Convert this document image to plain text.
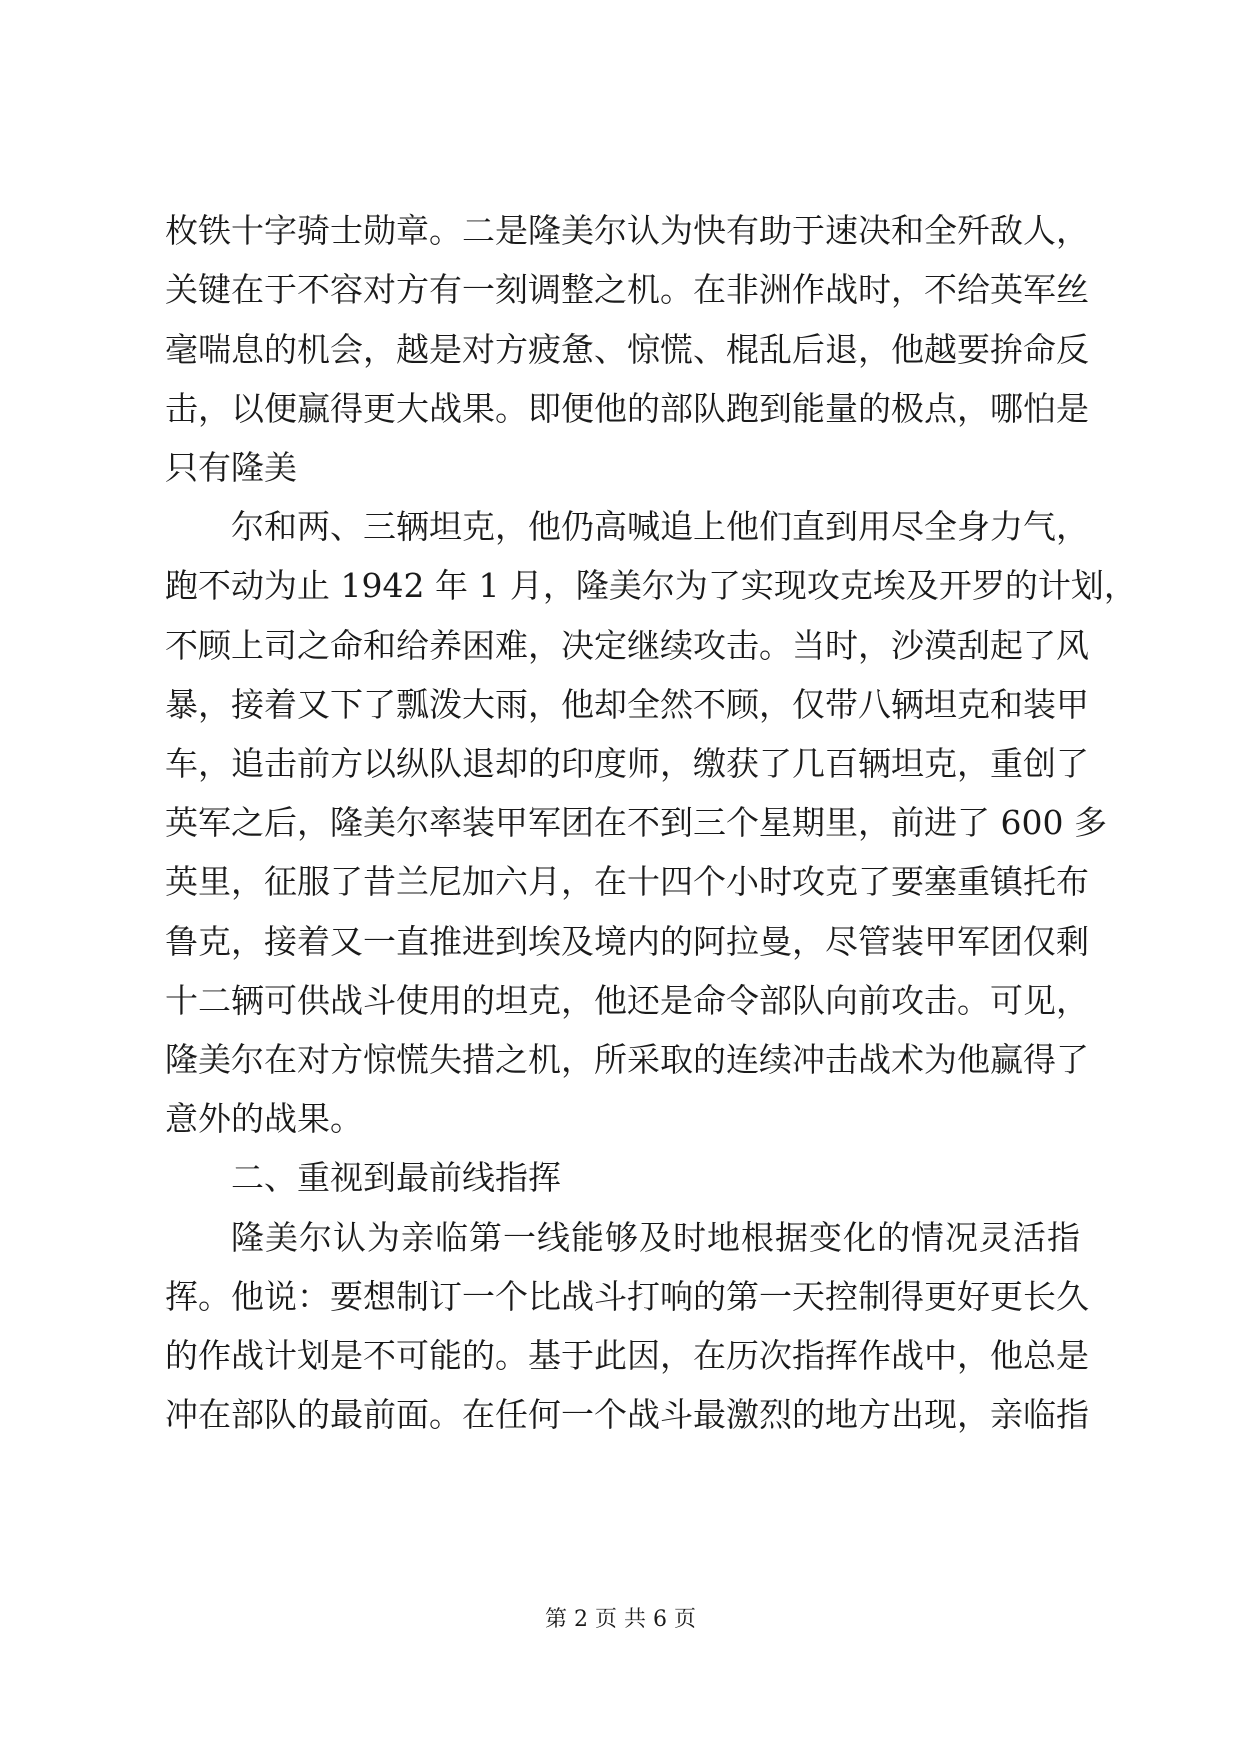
枚铁十字骑士勋章。二是隆美尔认为快有助于速决和全歼敌人，
关键在于不容对方有一刻调整之机。在非洲作战时，不给英军丝
毫喘息的机会，越是对方疲惫、惊慌、棍乱后退，他越要拚命反
击，以便赢得更大战果。即便他的部队跑到能量的极点，哪怕是
只有隆美
尔和两、三辆坦克，他仍高喊追上他们直到用尽全身力气，
跑不动为止 1942 年 1 月，隆美尔为了实现攻克埃及开罗的计划，
不顾上司之命和给养困难，决定继续攻击。当时，沙漠刮起了风
暴，接着又下了瓢泼大雨，他却全然不顾，仅带八辆坦克和装甲
车，追击前方以纵队退却的印度师，缴获了几百辆坦克，重创了
英军之后，隆美尔率装甲军团在不到三个星期里，前进了 600 多
英里，征服了昔兰尼加六月，在十四个小时攻克了要塞重镇托布
鲁克，接着又一直推进到埃及境内的阿拉曼，尽管装甲军团仅剩
十二辆可供战斗使用的坦克，他还是命令部队向前攻击。可见，
隆美尔在对方惊慌失措之机，所采取的连续冲击战术为他赢得了
意外的战果。
二、重视到最前线指挥
隆美尔认为亲临第一线能够及时地根据变化的情况灵活指
挥。他说：要想制订一个比战斗打响的第一天控制得更好更长久
的作战计划是不可能的。基于此因，在历次指挥作战中，他总是
冲在部队的最前面。在任何一个战斗最激烈的地方出现，亲临指
第 2 页 共 6 页
